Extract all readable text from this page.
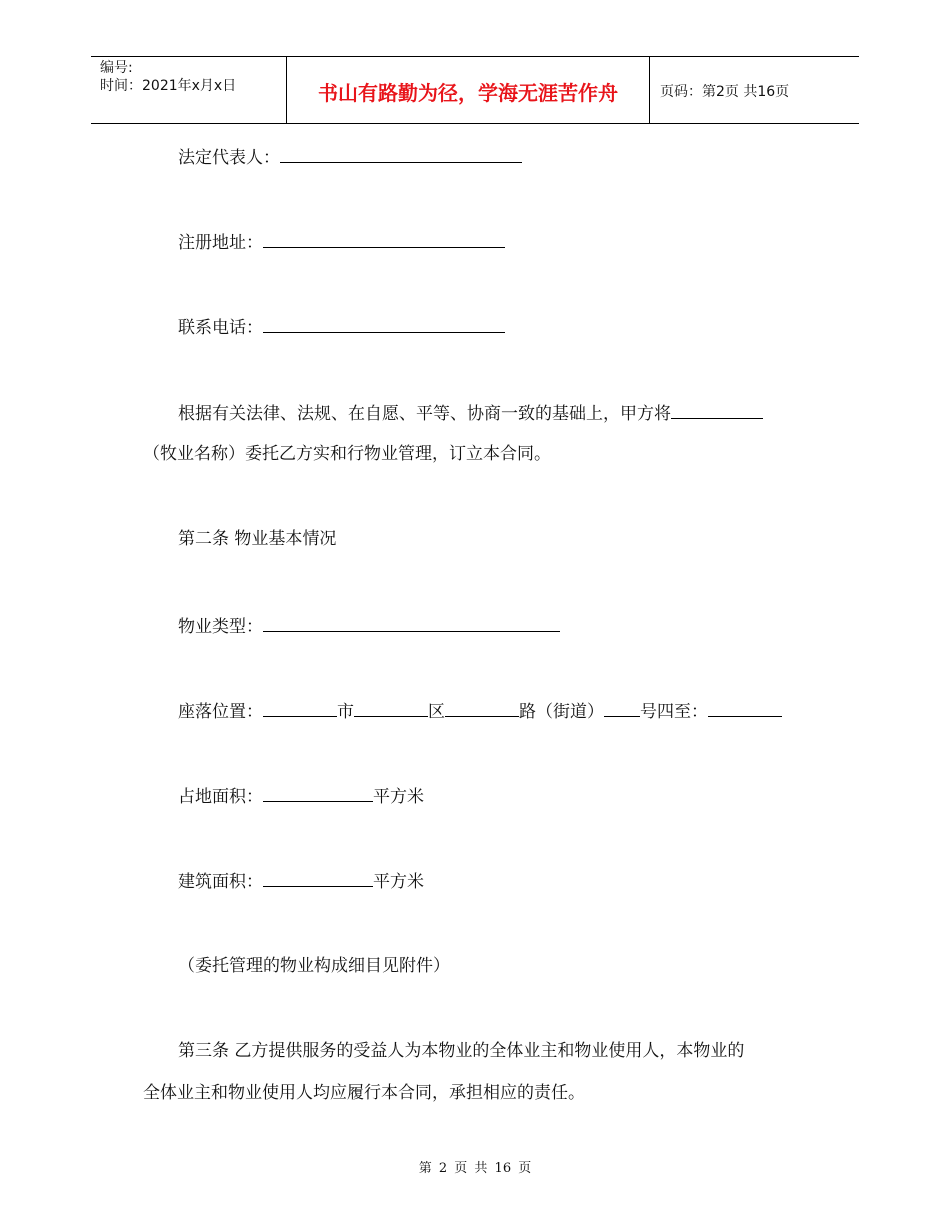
编号:
时间：2021年x月x日	书山有路勤为径，学海无涯苦作舟	页码：第2页 共16页
法定代表人：
注册地址：
联系电话：
根据有关法律、法规、在自愿、平等、协商一致的基础上，甲方将
（牧业名称）委托乙方实和行物业管理，订立本合同。
第二条 物业基本情况
物业类型：
座落位置：	市	区	路（街道） 号四至：
占地面积：	平方米
建筑面积：	平方米
（委托管理的物业构成细目见附件）
第三条 乙方提供服务的受益人为本物业的全体业主和物业使用人，本物业的
全体业主和物业使用人均应履行本合同，承担相应的责任。
第 2 页 共 16 页
